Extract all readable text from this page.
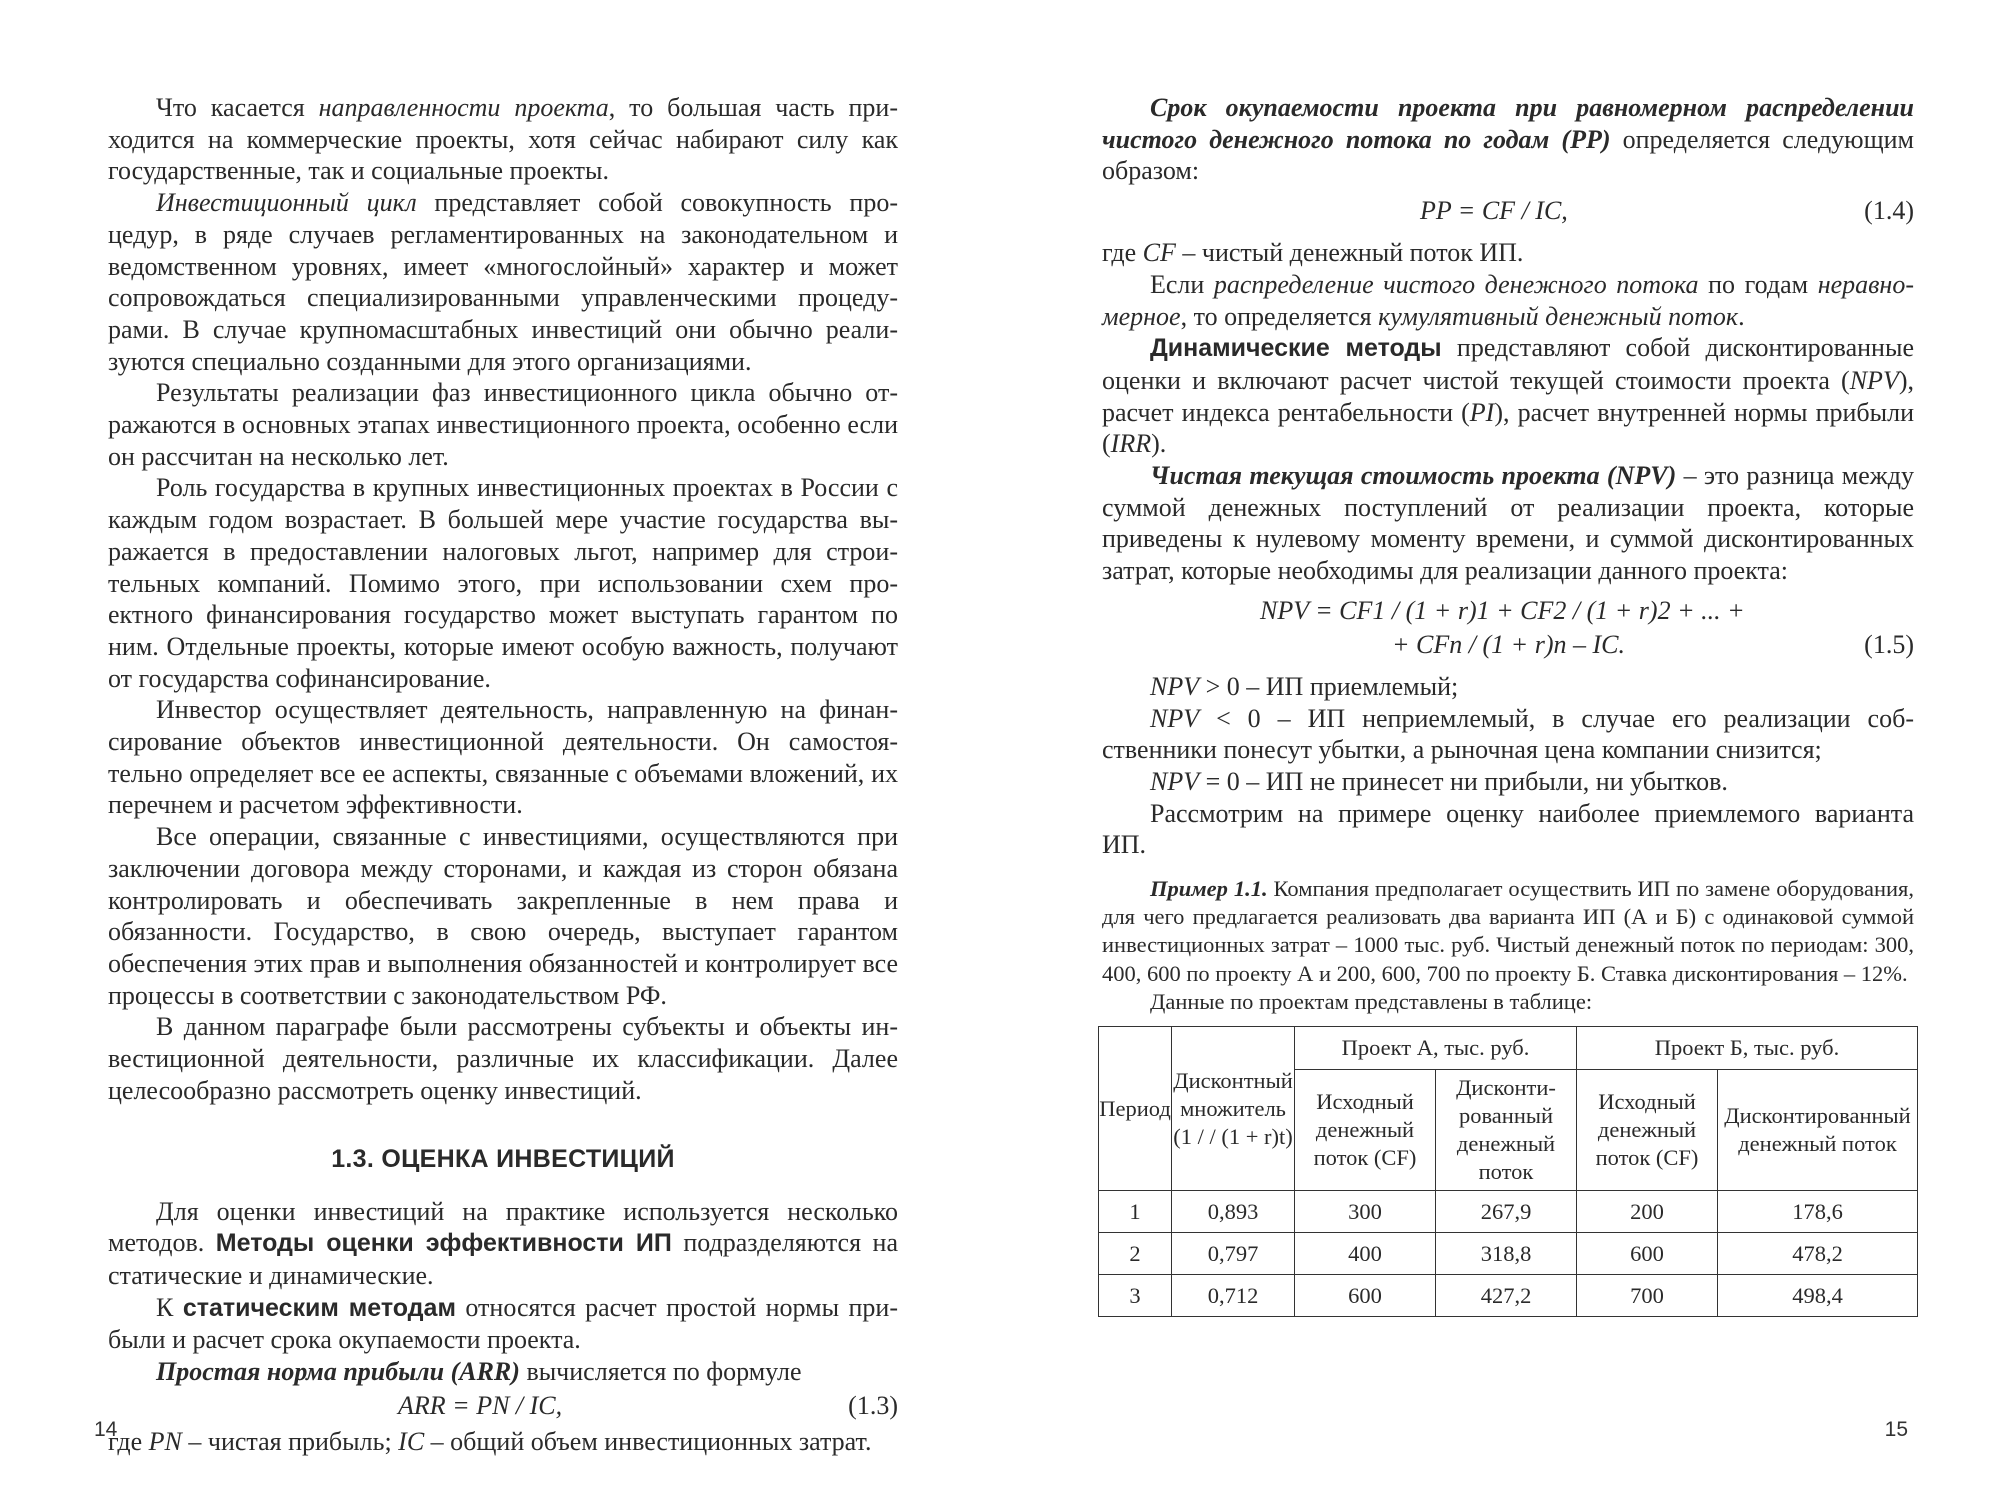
Что касается направленности проекта, то большая часть приходится на коммерческие проекты, хотя сейчас набирают силу как государственные, так и социальные проекты.

Инвестиционный цикл представляет собой совокупность процедур, в ряде случаев регламентированных на законодательном и ведомственном уровнях, имеет «многослойный» характер и может сопровождаться специализированными управленческими процедурами. В случае крупномасштабных инвестиций они обычно реализуются специально созданными для этого организациями.

Результаты реализации фаз инвестиционного цикла обычно отражаются в основных этапах инвестиционного проекта, особенно если он рассчитан на несколько лет.

Роль государства в крупных инвестиционных проектах в России с каждым годом возрастает. В большей мере участие государства выражается в предоставлении налоговых льгот, например для строительных компаний. Помимо этого, при использовании схем проектного финансирования государство может выступать гарантом по ним. Отдельные проекты, которые имеют особую важность, получают от государства софинансирование.

Инвестор осуществляет деятельность, направленную на финансирование объектов инвестиционной деятельности. Он самостоятельно определяет все ее аспекты, связанные с объемами вложений, их перечнем и расчетом эффективности.

Все операции, связанные с инвестициями, осуществляются при заключении договора между сторонами, и каждая из сторон обязана контролировать и обеспечивать закрепленные в нем права и обязанности. Государство, в свою очередь, выступает гарантом обеспечения этих прав и выполнения обязанностей и контролирует все процессы в соответствии с законодательством РФ.

В данном параграфе были рассмотрены субъекты и объекты инвестиционной деятельности, различные их классификации. Далее целесообразно рассмотреть оценку инвестиций.

1.3. ОЦЕНКА ИНВЕСТИЦИЙ

Для оценки инвестиций на практике используется несколько методов. Методы оценки эффективности ИП подразделяются на статические и динамические.

К статическим методам относятся расчет простой нормы прибыли и расчет срока окупаемости проекта.

Простая норма прибыли (ARR) вычисляется по формуле

ARR = PN / IC,	(1.3)

где PN – чистая прибыль; IC – общий объем инвестиционных затрат.

14

Срок окупаемости проекта при равномерном распределении чистого денежного потока по годам (PP) определяется следующим образом:

PP = CF / IC,	(1.4)

где CF – чистый денежный поток ИП.

Если распределение чистого денежного потока по годам неравномерное, то определяется кумулятивный денежный поток.

Динамические методы представляют собой дисконтированные оценки и включают расчет чистой текущей стоимости проекта (NPV), расчет индекса рентабельности (PI), расчет внутренней нормы прибыли (IRR).

Чистая текущая стоимость проекта (NPV) – это разница между суммой денежных поступлений от реализации проекта, которые приведены к нулевому моменту времени, и суммой дисконтированных затрат, которые необходимы для реализации данного проекта:

NPV = CF1 / (1 + r)1 + CF2 / (1 + r)2 + ... +
+ CFn / (1 + r)n – IC.	(1.5)

NPV > 0 – ИП приемлемый;

NPV < 0 – ИП неприемлемый, в случае его реализации собственники понесут убытки, а рыночная цена компании снизится;

NPV = 0 – ИП не принесет ни прибыли, ни убытков.

Рассмотрим на примере оценку наиболее приемлемого варианта ИП.

Пример 1.1. Компания предполагает осуществить ИП по замене оборудования, для чего предлагается реализовать два варианта ИП (А и Б) с одинаковой суммой инвестиционных затрат – 1000 тыс. руб. Чистый денежный поток по периодам: 300, 400, 600 по проекту А и 200, 600, 700 по проекту Б. Ставка дисконтирования – 12%.

Данные по проектам представлены в таблице:

Период	Дисконтный множитель (1 / / (1 + r)t)	Проект А, тыс. руб.		Проект Б, тыс. руб.	
		Исходный денежный поток (CF)	Дисконтированный денежный поток	Исходный денежный поток (CF)	Дисконтированный денежный поток
1	0,893	300	267,9	200	178,6
2	0,797	400	318,8	600	478,2
3	0,712	600	427,2	700	498,4
15
